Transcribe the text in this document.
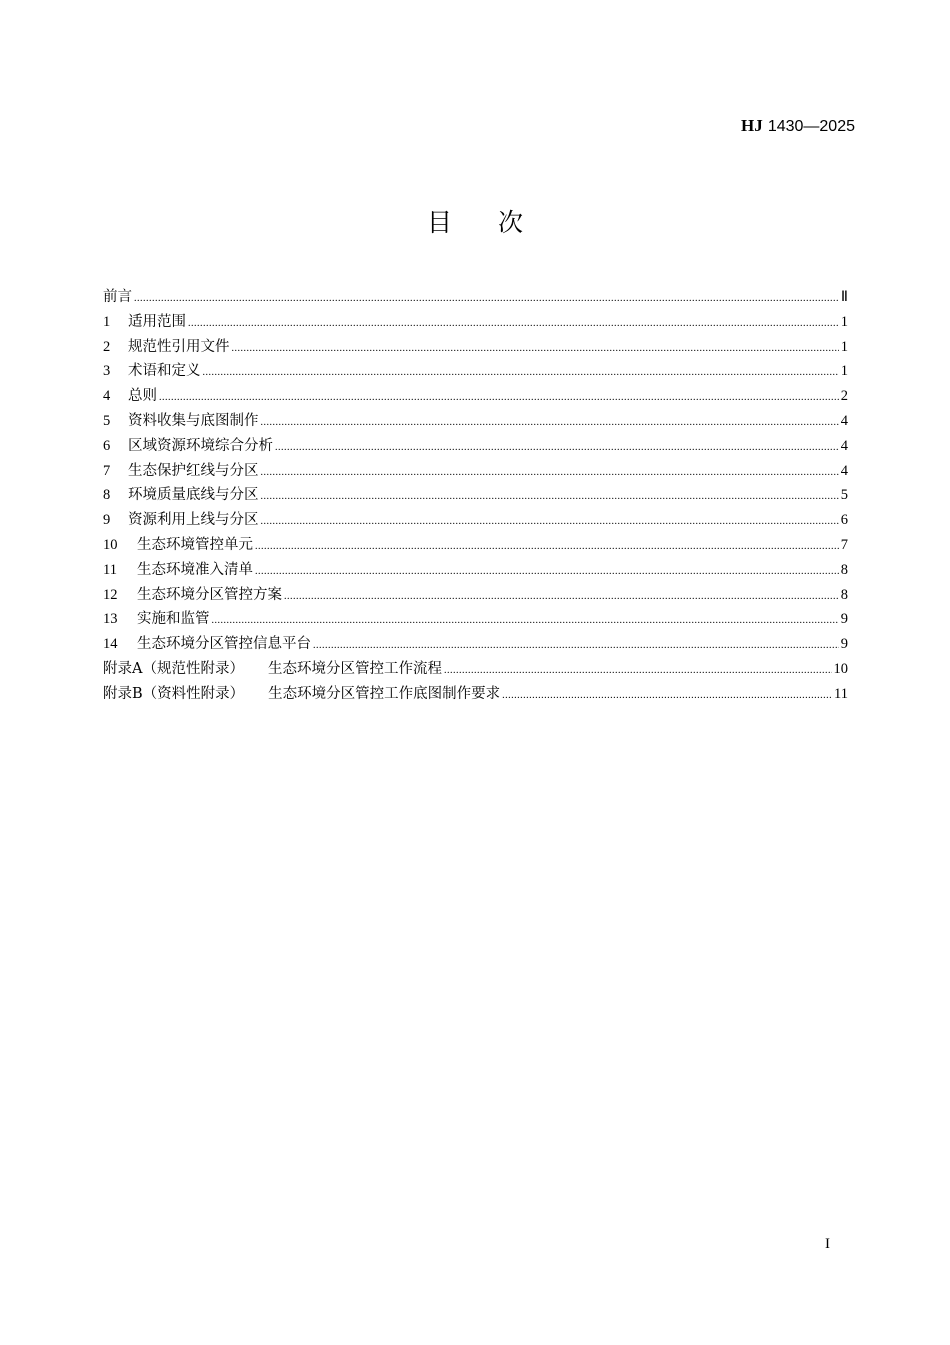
HJ 1430—2025
目次
前言 .....	Ⅱ
1	适用范围 .....	1
2	规范性引用文件 .....	1
3	术语和定义 .....	1
4	总则 .....	2
5	资料收集与底图制作 .....	4
6	区域资源环境综合分析 .....	4
7	生态保护红线与分区 .....	4
8	环境质量底线与分区 .....	5
9	资源利用上线与分区 .....	6
10	生态环境管控单元 .....	7
11	生态环境准入清单 .....	8
12	生态环境分区管控方案 .....	8
13	实施和监管 .....	9
14	生态环境分区管控信息平台 .....	9
附录A（规范性附录） 生态环境分区管控工作流程 .....	10
附录B（资料性附录） 生态环境分区管控工作底图制作要求 .....	11
I
